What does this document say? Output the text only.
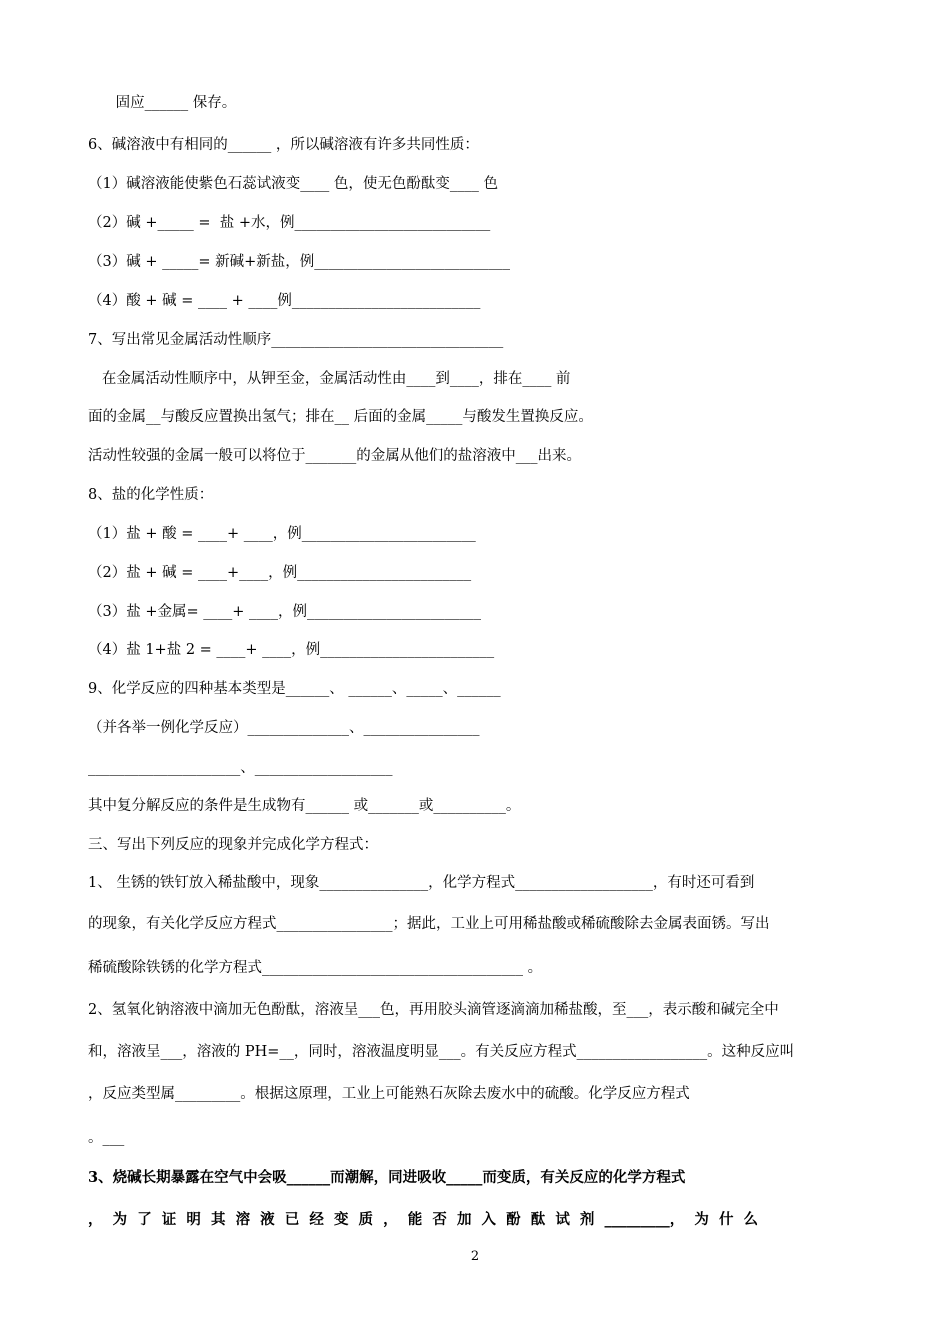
固应______ 保存。
6、碱溶液中有相同的______ ，所以碱溶液有许多共同性质：
（1）碱溶液能使紫色石蕊试液变____ 色，使无色酚酞变____ 色
（2）碱 +_____ =  盐 +水，例___________________________
（3）碱 + _____= 新碱+新盐，例___________________________
（4）酸 + 碱 = ____ + ____例__________________________
7、写出常见金属活动性顺序________________________________
在金属活动性顺序中，从钾至金，金属活动性由____到____，排在____ 前
面的金属__与酸反应置换出氢气；排在__ 后面的金属_____与酸发生置换反应。
活动性较强的金属一般可以将位于_______的金属从他们的盐溶液中___出来。
8、盐的化学性质：
（1）盐 + 酸 = ____+ ____，例________________________
（2）盐 + 碱 = ____+____，例________________________
（3）盐 +金属= ____+ ____，例________________________
（4）盐 1+盐 2 = ____+ ____，例________________________
9、化学反应的四种基本类型是______、 ______、_____、______
（并各举一例化学反应）______________、________________
_____________________、___________________
其中复分解反应的条件是生成物有______ 或_______或__________。
三、写出下列反应的现象并完成化学方程式：
1、 生锈的铁钉放入稀盐酸中，现象_______________，化学方程式___________________，有时还可看到
的现象，有关化学反应方程式________________；据此，工业上可用稀盐酸或稀硫酸除去金属表面锈。写出
稀硫酸除铁锈的化学方程式____________________________________ 。
2、氢氧化钠溶液中滴加无色酚酞，溶液呈___色，再用胶头滴管逐滴滴加稀盐酸，至___，表示酸和碱完全中
和，溶液呈___，溶液的 PH=__，同时，溶液温度明显___。有关反应方程式__________________。这种反应叫
，反应类型属_________。根据这原理，工业上可能熟石灰除去废水中的硫酸。化学反应方程式
。___
3、烧碱长期暴露在空气中会吸______而潮解，同进吸收_____而变质，有关反应的化学方程式
，  为  了  证  明  其  溶  液  已  经  变  质  ，  能  否  加  入  酚  酞  试  剂  _________，  为  什  么
2
